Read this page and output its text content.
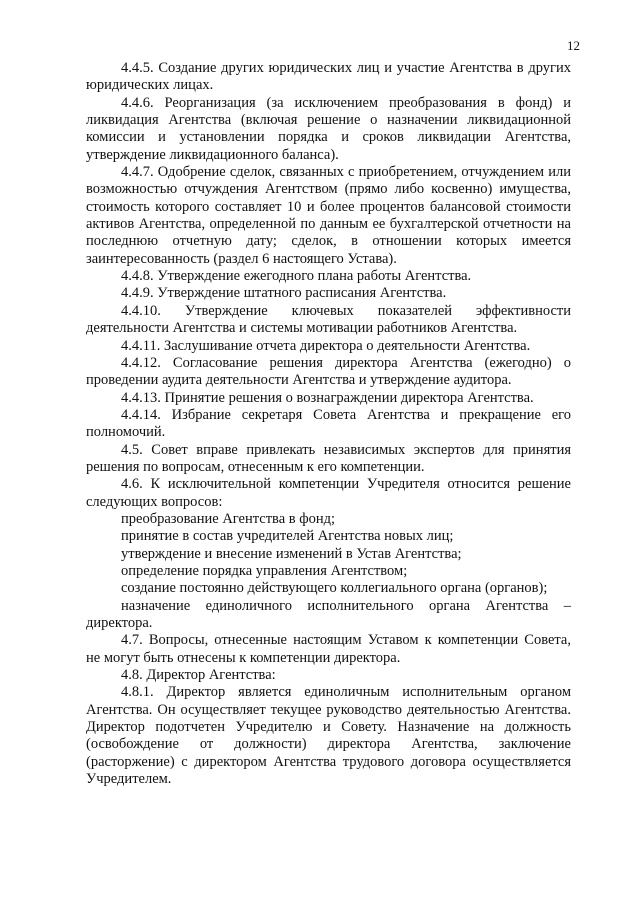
12

4.4.5. Создание других юридических лиц и участие Агентства в других юридических лицах.

4.4.6. Реорганизация (за исключением преобразования в фонд) и ликвидация Агентства (включая решение о назначении ликвидационной комиссии и установлении порядка и сроков ликвидации Агентства, утверждение ликвидационного баланса).

4.4.7. Одобрение сделок, связанных с приобретением, отчуждением или возможностью отчуждения Агентством (прямо либо косвенно) имущества, стоимость которого составляет 10 и более процентов балансовой стоимости активов Агентства, определенной по данным ее бухгалтерской отчетности на последнюю отчетную дату; сделок, в отношении которых имеется заинтересованность (раздел 6 настоящего Устава).

4.4.8. Утверждение ежегодного плана работы Агентства.

4.4.9. Утверждение штатного расписания Агентства.

4.4.10. Утверждение ключевых показателей эффективности деятельности Агентства и системы мотивации работников Агентства.

4.4.11. Заслушивание отчета директора о деятельности Агентства.

4.4.12. Согласование решения директора Агентства (ежегодно) о проведении аудита деятельности Агентства и утверждение аудитора.

4.4.13. Принятие решения о вознаграждении директора Агентства.

4.4.14. Избрание секретаря Совета Агентства и прекращение его полномочий.

4.5. Совет вправе привлекать независимых экспертов для принятия решения по вопросам, отнесенным к его компетенции.

4.6. К исключительной компетенции Учредителя относится решение следующих вопросов:

преобразование Агентства в фонд;

принятие в состав учредителей Агентства новых лиц;

утверждение и внесение изменений в Устав Агентства;

определение порядка управления Агентством;

создание постоянно действующего коллегиального органа (органов);

назначение единоличного исполнительного органа Агентства – директора.

4.7. Вопросы, отнесенные настоящим Уставом к компетенции Совета, не могут быть отнесены к компетенции директора.

4.8. Директор Агентства:

4.8.1. Директор является единоличным исполнительным органом Агентства. Он осуществляет текущее руководство деятельностью Агентства. Директор подотчетен Учредителю и Совету. Назначение на должность (освобождение от должности) директора Агентства, заключение (расторжение) с директором Агентства трудового договора осуществляется Учредителем.
